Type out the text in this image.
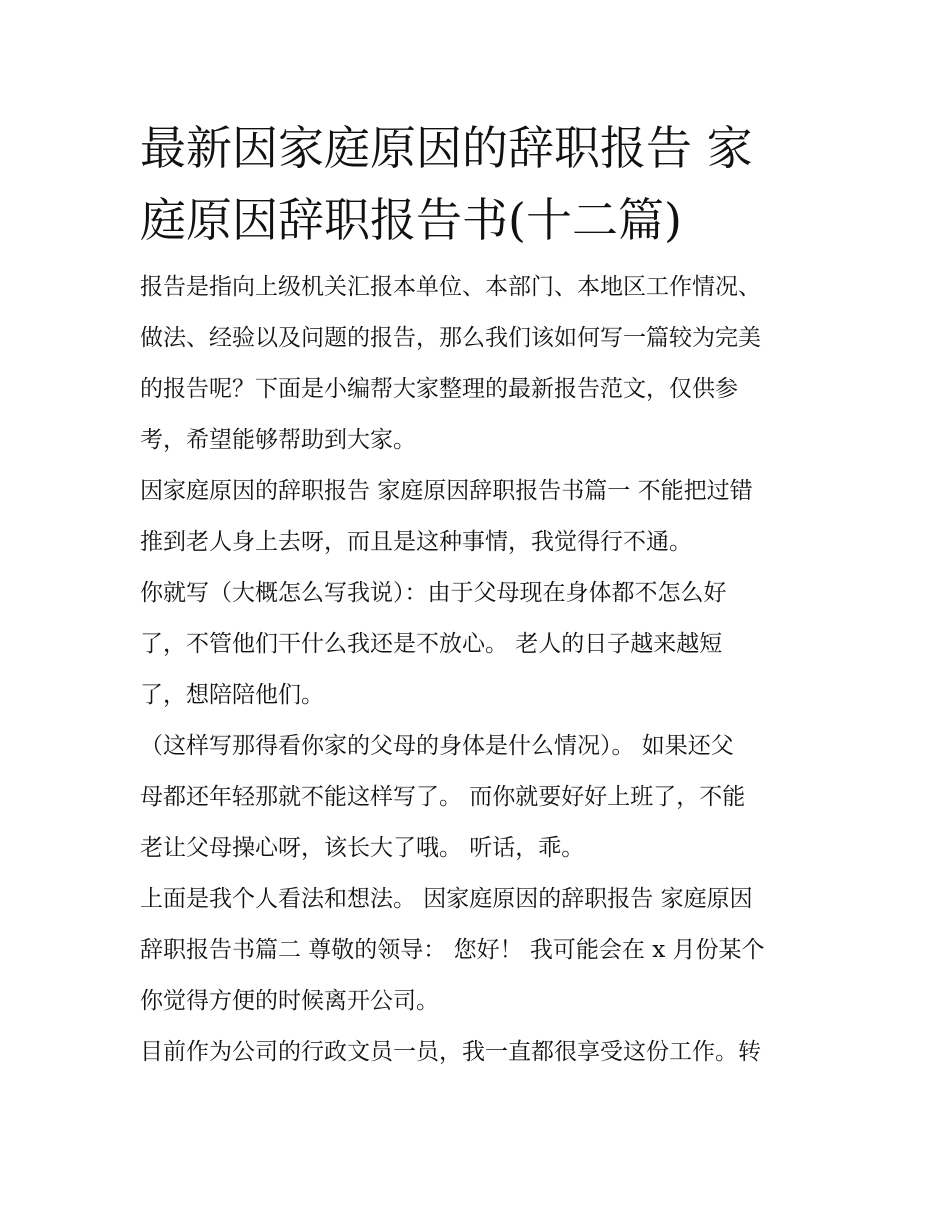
最新因家庭原因的辞职报告 家

庭原因辞职报告书(十二篇)

报告是指向上级机关汇报本单位、本部门、本地区工作情况、

做法、经验以及问题的报告，那么我们该如何写一篇较为完美

的报告呢？下面是小编帮大家整理的最新报告范文，仅供参

考，希望能够帮助到大家。

因家庭原因的辞职报告 家庭原因辞职报告书篇一 不能把过错

推到老人身上去呀，而且是这种事情，我觉得行不通。

你就写（大概怎么写我说）：由于父母现在身体都不怎么好

了，不管他们干什么我还是不放心。 老人的日子越来越短

了，想陪陪他们。

（这样写那得看你家的父母的身体是什么情况）。 如果还父

母都还年轻那就不能这样写了。 而你就要好好上班了，不能

老让父母操心呀，该长大了哦。 听话，乖。

上面是我个人看法和想法。 因家庭原因的辞职报告 家庭原因

辞职报告书篇二 尊敬的领导： 您好！ 我可能会在 x 月份某个

你觉得方便的时候离开公司。

目前作为公司的行政文员一员，我一直都很享受这份工作。转
